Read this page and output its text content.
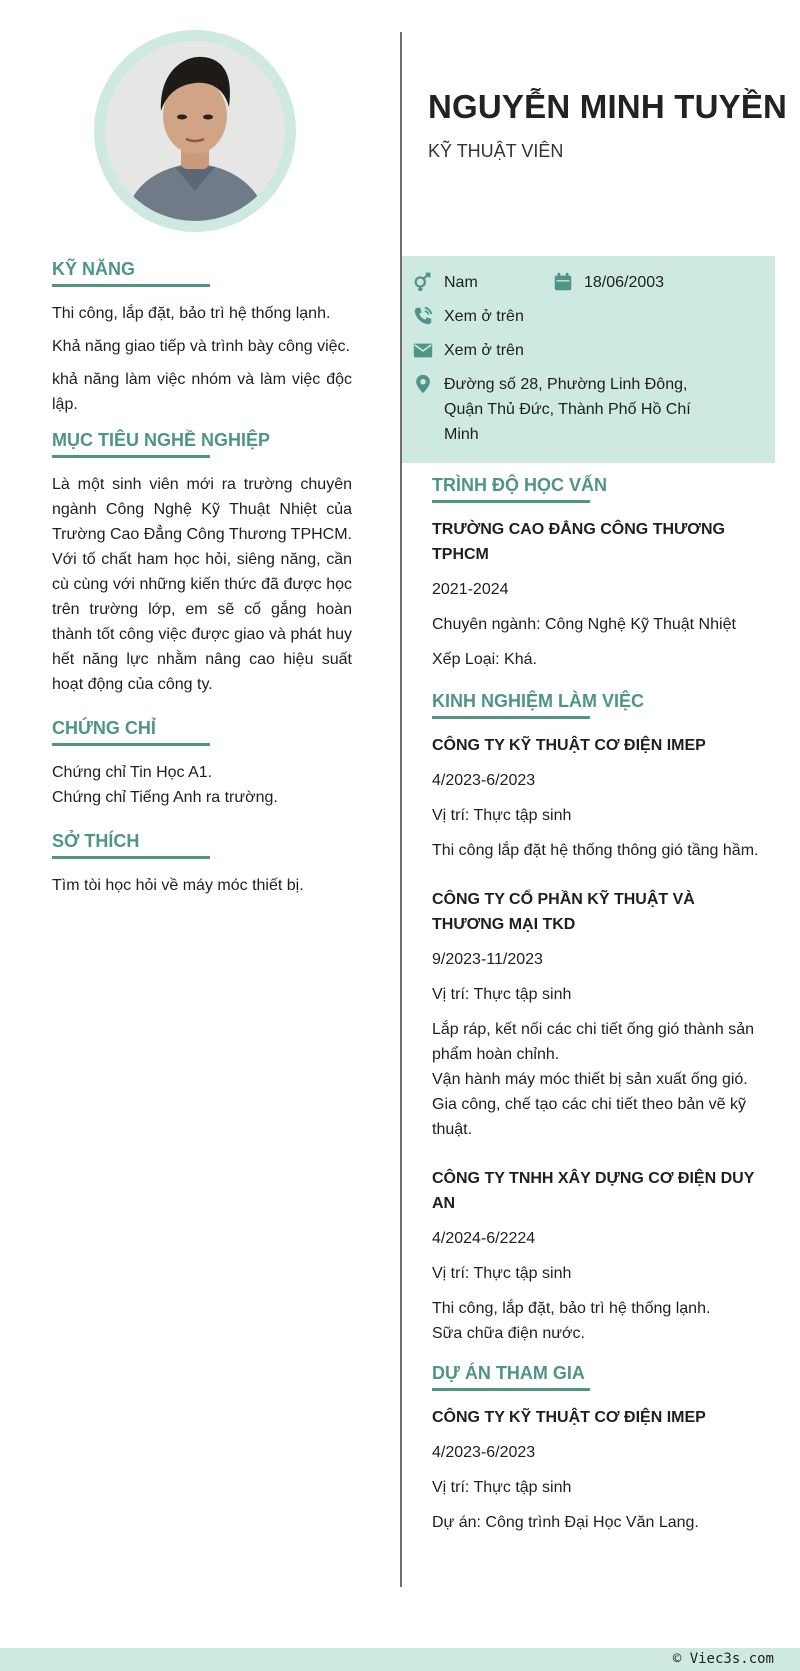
KỸ NĂNG

Thi công, lắp đặt, bảo trì hệ thống lạnh.

Khả năng giao tiếp và trình bày công việc.

khả năng làm việc nhóm và làm việc độc lập.

MỤC TIÊU NGHỀ NGHIỆP

Là một sinh viên mới ra trường chuyên ngành Công Nghệ Kỹ Thuật Nhiệt của Trường Cao Đẳng Công Thương TPHCM. Với tố chất ham học hỏi, siêng năng, cần cù cùng với những kiến thức đã được học trên trường lớp, em sẽ cố gắng hoàn thành tốt công việc được giao và phát huy hết năng lực nhằm nâng cao hiệu suất hoạt động của công ty.

CHỨNG CHỈ

Chứng chỉ Tin Học A1.

Chứng chỉ Tiếng Anh ra trường.

SỞ THÍCH

Tìm tòi học hỏi về máy móc thiết bị.

NGUYỄN MINH TUYỀN
KỸ THUẬT VIÊN
Nam	18/06/2003
Xem ở trên
Xem ở trên
Đường số 28, Phường Linh Đông, Quận Thủ Đức, Thành Phố Hồ Chí Minh
TRÌNH ĐỘ HỌC VẤN
TRƯỜNG CAO ĐẲNG CÔNG THƯƠNG TPHCM
2021-2024
Chuyên ngành: Công Nghệ Kỹ Thuật Nhiệt
Xếp Loại: Khá.
KINH NGHIỆM LÀM VIỆC
CÔNG TY KỸ THUẬT CƠ ĐIỆN IMEP
4/2023-6/2023
Vị trí: Thực tập sinh
Thi công lắp đặt hệ thống thông gió tầng hầm.
CÔNG TY CỔ PHẦN KỸ THUẬT VÀ THƯƠNG MẠI TKD
9/2023-11/2023
Vị trí: Thực tập sinh
Lắp ráp, kết nối các chi tiết ống gió thành sản phẩm hoàn chỉnh.
Vận hành máy móc thiết bị sản xuất ống gió.
Gia công, chế tạo các chi tiết theo bản vẽ kỹ thuật.
CÔNG TY TNHH XÂY DỰNG CƠ ĐIỆN DUY AN
4/2024-6/2224
Vị trí: Thực tập sinh
Thi công, lắp đặt, bảo trì hệ thống lạnh.
Sữa chữa điện nước.
DỰ ÁN THAM GIA
CÔNG TY KỸ THUẬT CƠ ĐIỆN IMEP
4/2023-6/2023
Vị trí: Thực tập sinh
Dự án: Công trình Đại Học Văn Lang.
© Viec3s.com
